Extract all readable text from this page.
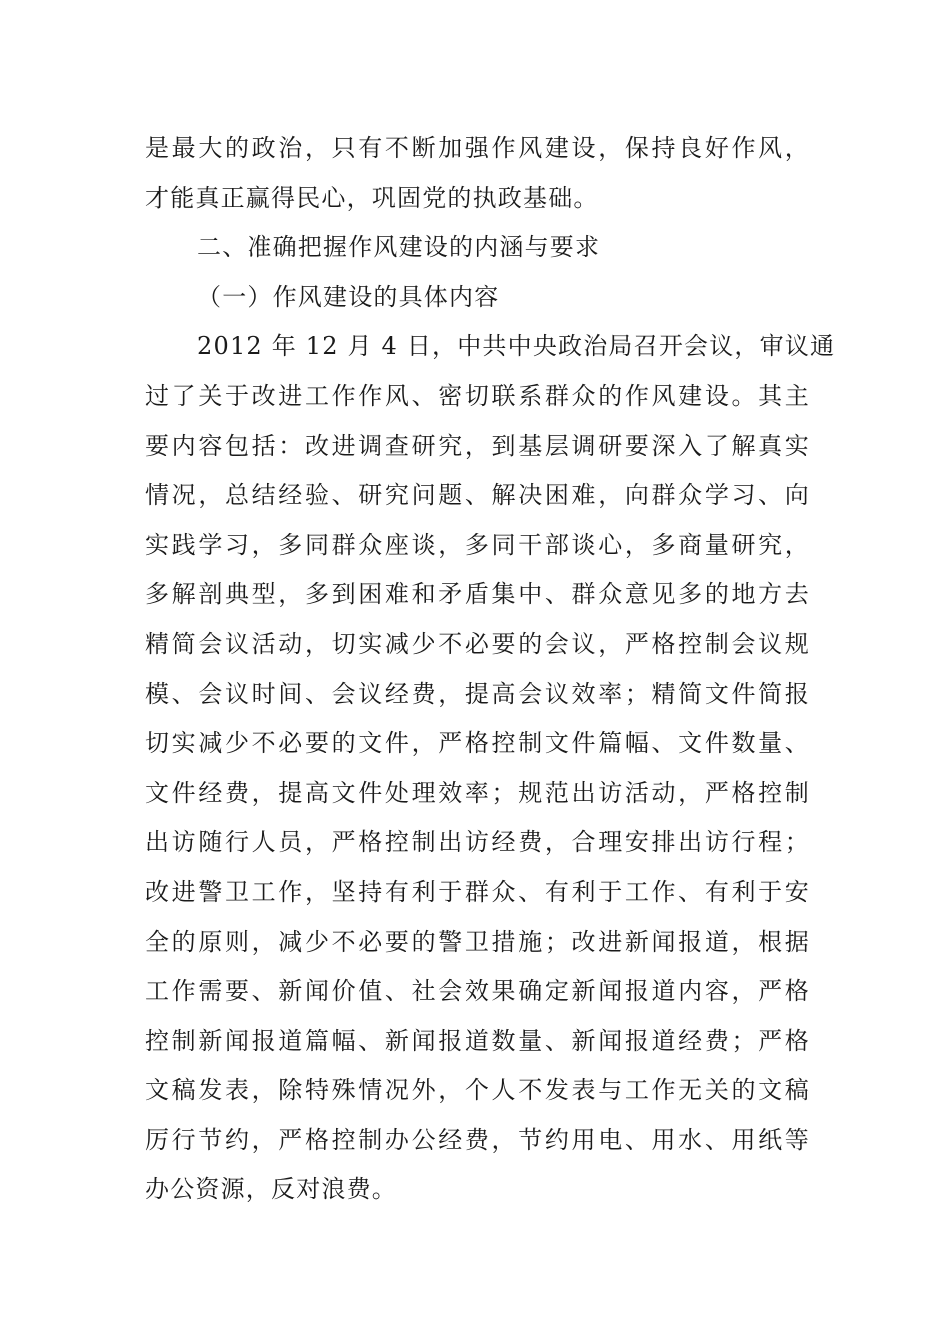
是最大的政治，只有不断加强作风建设，保持良好作风，

才能真正赢得民心，巩固党的执政基础。

二、准确把握作风建设的内涵与要求

（一）作风建设的具体内容

2012 年 12 月 4 日，中共中央政治局召开会议，审议通

过了关于改进工作作风、密切联系群众的作风建设。其主

要内容包括：改进调查研究，到基层调研要深入了解真实

情况，总结经验、研究问题、解决困难，向群众学习、向

实践学习，多同群众座谈，多同干部谈心，多商量研究，

多解剖典型，多到困难和矛盾集中、群众意见多的地方去

精简会议活动，切实减少不必要的会议，严格控制会议规

模、会议时间、会议经费，提高会议效率；精简文件简报

切实减少不必要的文件，严格控制文件篇幅、文件数量、

文件经费，提高文件处理效率；规范出访活动，严格控制

出访随行人员，严格控制出访经费，合理安排出访行程；

改进警卫工作，坚持有利于群众、有利于工作、有利于安

全的原则，减少不必要的警卫措施；改进新闻报道，根据

工作需要、新闻价值、社会效果确定新闻报道内容，严格

控制新闻报道篇幅、新闻报道数量、新闻报道经费；严格

文稿发表，除特殊情况外，个人不发表与工作无关的文稿

厉行节约，严格控制办公经费，节约用电、用水、用纸等

办公资源，反对浪费。
